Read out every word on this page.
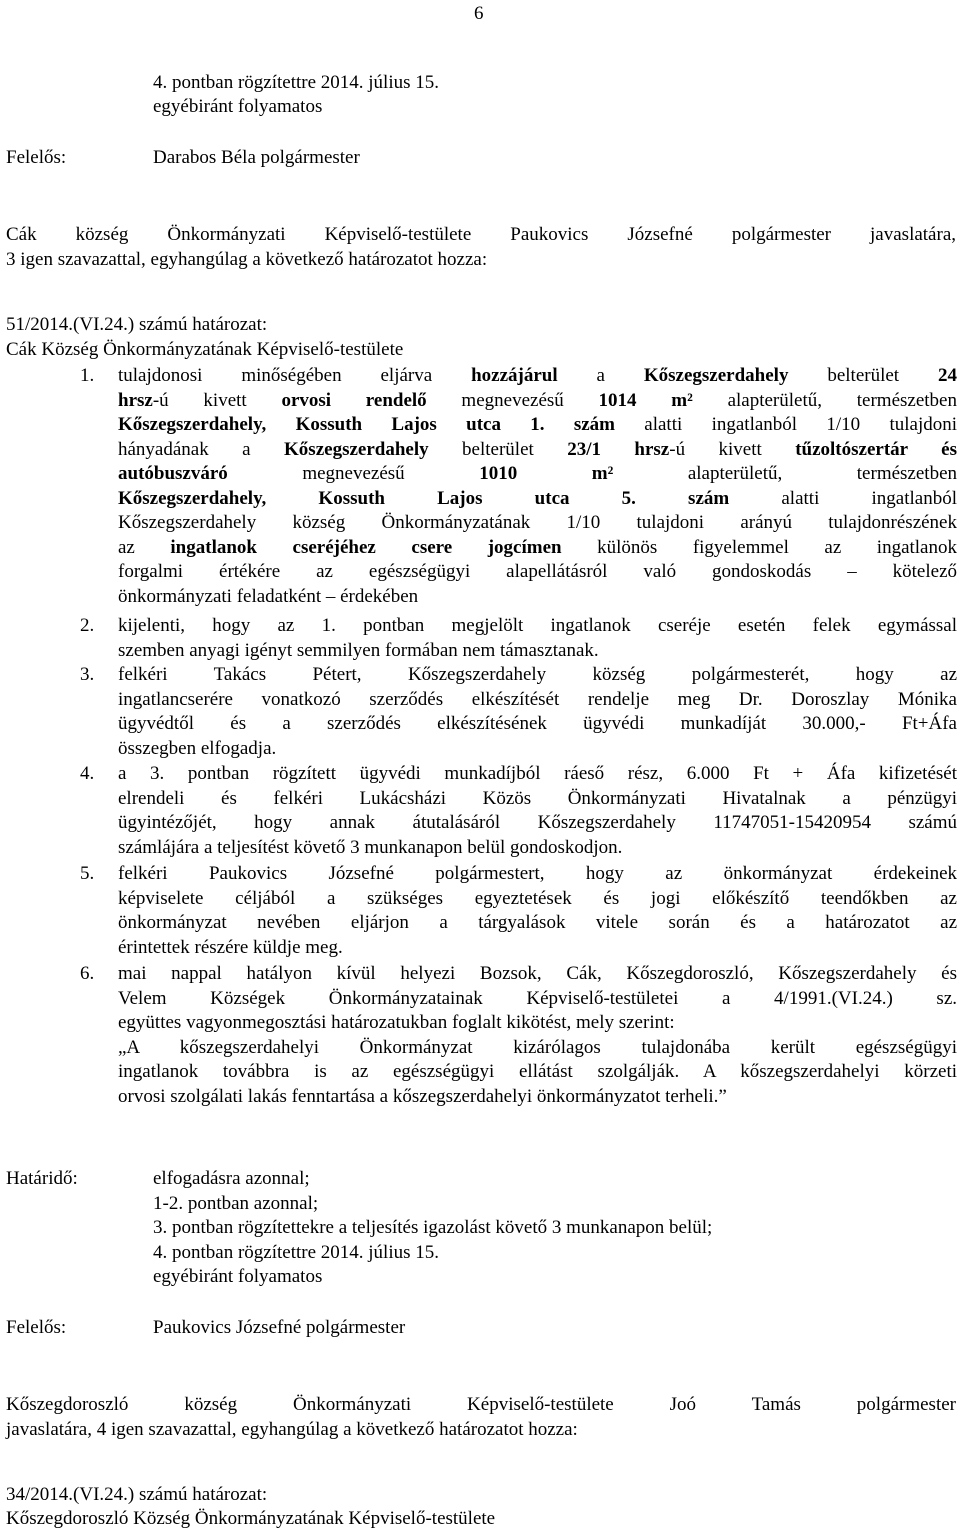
6
4. pontban rögzítettre 2014. július 15.
egyébiránt folyamatos
Felelős:	Darabos Béla polgármester
Cák község Önkormányzati Képviselő-testülete Paukovics Józsefné polgármester javaslatára,
3 igen szavazattal, egyhangúlag a következő határozatot hozza:
51/2014.(VI.24.) számú határozat:
Cák Község Önkormányzatának Képviselő-testülete
1. tulajdonosi minőségében eljárva hozzájárul a Kőszegszerdahely belterület 24
hrsz-ú kivett orvosi rendelő megnevezésű 1014 m² alapterületű, természetben
Kőszegszerdahely, Kossuth Lajos utca 1. szám alatti ingatlanból 1/10 tulajdoni
hányadának a Kőszegszerdahely belterület 23/1 hrsz-ú kivett tűzoltószertár és
autóbuszváró megnevezésű 1010 m² alapterületű, természetben
Kőszegszerdahely, Kossuth Lajos utca 5. szám alatti ingatlanból
Kőszegszerdahely község Önkormányzatának 1/10 tulajdoni arányú tulajdonrészének
az ingatlanok cseréjéhez csere jogcímen különös figyelemmel az ingatlanok
forgalmi értékére az egészségügyi alapellátásról való gondoskodás – kötelező
önkormányzati feladatként – érdekében
2. kijelenti, hogy az 1. pontban megjelölt ingatlanok cseréje esetén felek egymással
szemben anyagi igényt semmilyen formában nem támasztanak.
3. felkéri Takács Pétert, Kőszegszerdahely község polgármesterét, hogy az
ingatlancserére vonatkozó szerződés elkészítését rendelje meg Dr. Doroszlay Mónika
ügyvédtől és a szerződés elkészítésének ügyvédi munkadíját 30.000,- Ft+Áfa
összegben elfogadja.
4. a 3. pontban rögzített ügyvédi munkadíjból ráeső rész, 6.000 Ft + Áfa kifizetését
elrendeli és felkéri Lukácsházi Közös Önkormányzati Hivatalnak a pénzügyi
ügyintézőjét, hogy annak átutalásáról Kőszegszerdahely 11747051-15420954 számú
számlájára a teljesítést követő 3 munkanapon belül gondoskodjon.
5. felkéri Paukovics Józsefné polgármestert, hogy az önkormányzat érdekeinek
képviselete céljából a szükséges egyeztetések és jogi előkészítő teendőkben az
önkormányzat nevében eljárjon a tárgyalások vitele során és a határozatot az
érintettek részére küldje meg.
6. mai nappal hatályon kívül helyezi Bozsok, Cák, Kőszegdoroszló, Kőszegszerdahely és
Velem Községek Önkormányzatainak Képviselő-testületei a 4/1991.(VI.24.) sz.
együttes vagyonmegosztási határozatukban foglalt kikötést, mely szerint:
„A kőszegszerdahelyi Önkormányzat kizárólagos tulajdonába került egészségügyi
ingatlanok továbbra is az egészségügyi ellátást szolgálják. A kőszegszerdahelyi körzeti
orvosi szolgálati lakás fenntartása a kőszegszerdahelyi önkormányzatot terheli.”
Határidő:	elfogadásra azonnal;
1-2. pontban azonnal;
3. pontban rögzítettekre a teljesítés igazolást követő 3 munkanapon belül;
4. pontban rögzítettre 2014. július 15.
egyébiránt folyamatos
Felelős:	Paukovics Józsefné polgármester
Kőszegdoroszló község Önkormányzati Képviselő-testülete Joó Tamás polgármester
javaslatára, 4 igen szavazattal, egyhangúlag a következő határozatot hozza:
34/2014.(VI.24.) számú határozat:
Kőszegdoroszló Község Önkormányzatának Képviselő-testülete
